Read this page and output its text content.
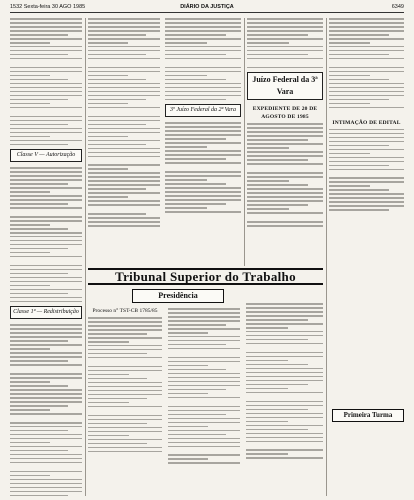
1532 Sexta-feira 30 AGO 1985	DIÁRIO DA JUSTIÇA	6349
Classe V — Autorização
Classe 1ª — Redistribuição
3º Juízo Federal da 2ª Vara
Juízo Federal da 3ª Vara
EXPEDIENTE DE 20 DE AGOSTO DE 1985
INTIMAÇÃO DE EDITAL
Tribunal Superior do Trabalho
Presidência
Processo n° TST-CB 1785/85
Primeira Turma
